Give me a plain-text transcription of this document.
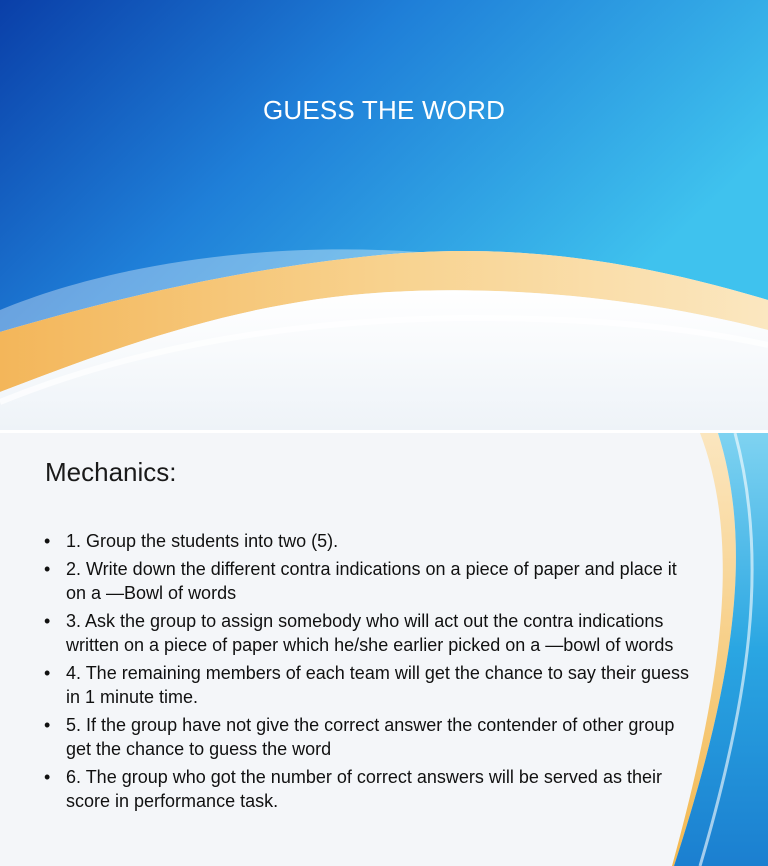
GUESS THE WORD
Mechanics:
• 1. Group the students into two (5).
• 2. Write down the different contra indications on a piece of paper and place it on a —Bowl of words
• 3. Ask the group to assign somebody who will act out the contra indications written on a piece of paper which he/she earlier picked on a —bowl of words
• 4. The remaining members of each team will get the chance to say their guess in 1 minute time.
• 5. If the group have not give the correct answer the contender of other group get the chance to guess the word
• 6. The group who got the number of correct answers will be served as their score in performance task.
